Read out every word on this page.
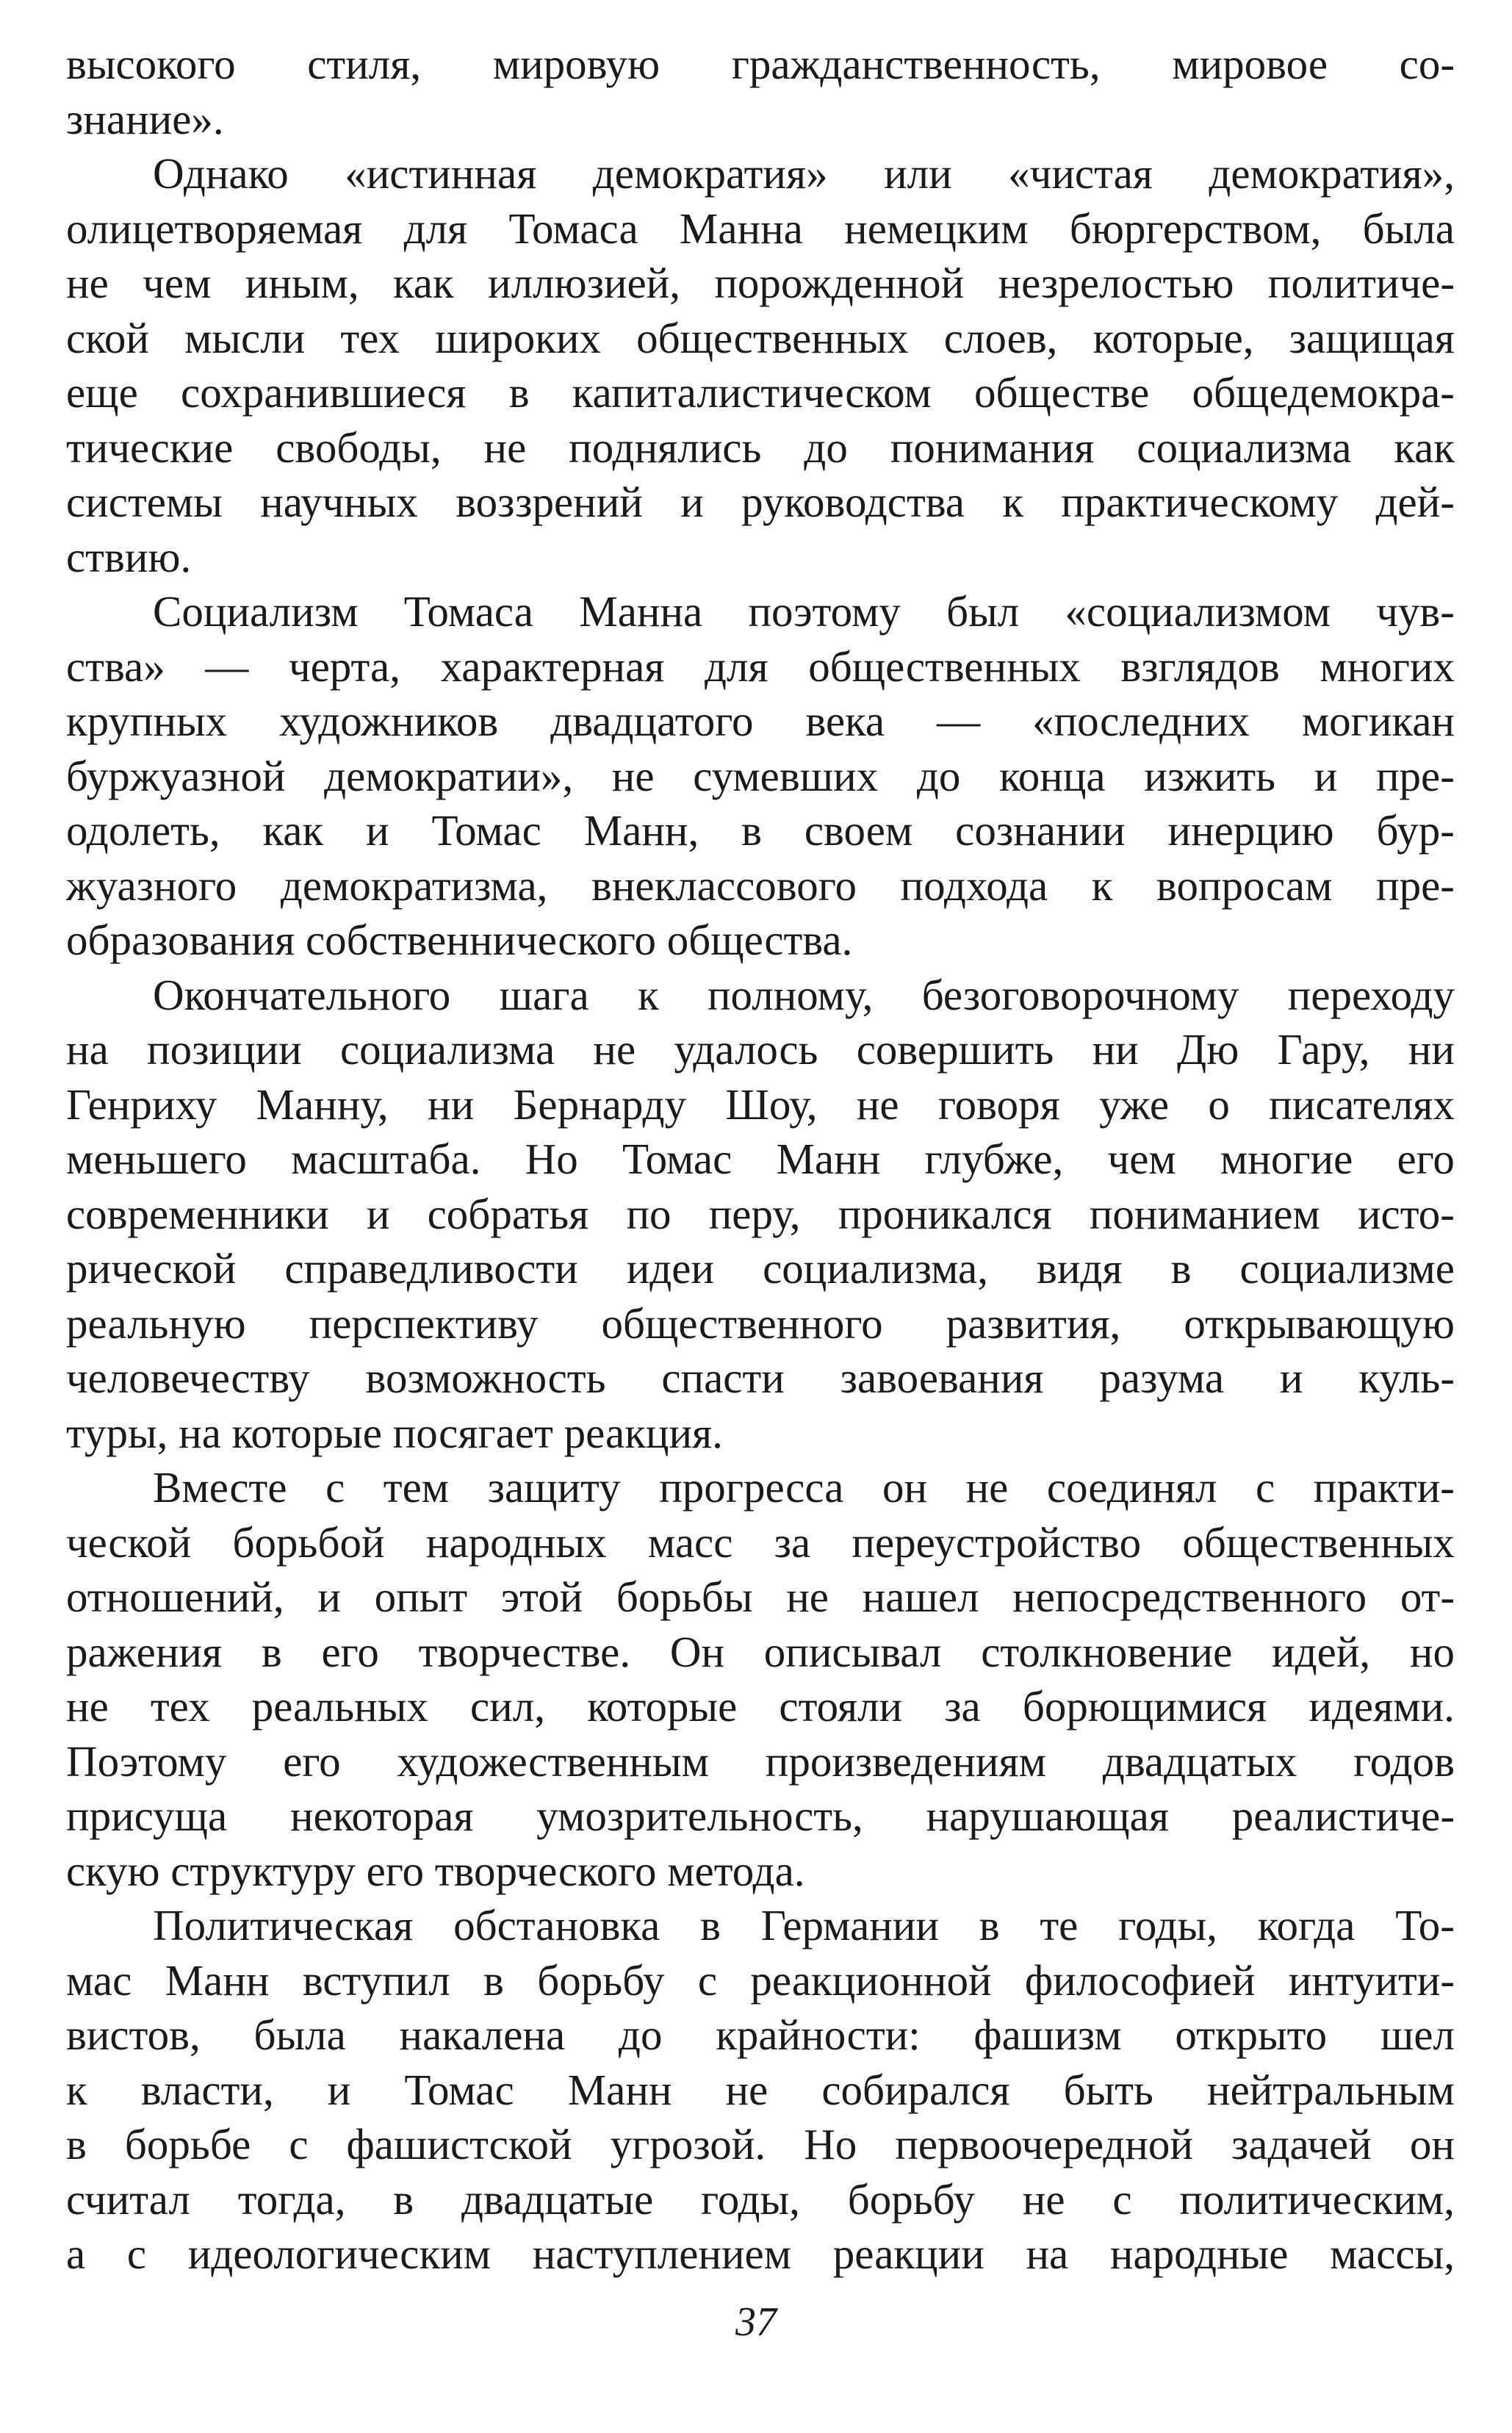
высокого стиля, мировую гражданственность, мировое со-
знание».
Однако «истинная демократия» или «чистая демократия»,
олицетворяемая для Томаса Манна немецким бюргерством, была
не чем иным, как иллюзией, порожденной незрелостью политиче-
ской мысли тех широких общественных слоев, которые, защищая
еще сохранившиеся в капиталистическом обществе общедемокра-
тические свободы, не поднялись до понимания социализма как
системы научных воззрений и руководства к практическому дей-
ствию.
Социализм Томаса Манна поэтому был «социализмом чув-
ства» — черта, характерная для общественных взглядов многих
крупных художников двадцатого века — «последних могикан
буржуазной демократии», не сумевших до конца изжить и пре-
одолеть, как и Томас Манн, в своем сознании инерцию бур-
жуазного демократизма, внеклассового подхода к вопросам пре-
образования собственнического общества.
Окончательного шага к полному, безоговорочному переходу
на позиции социализма не удалось совершить ни Дю Гару, ни
Генриху Манну, ни Бернарду Шоу, не говоря уже о писателях
меньшего масштаба. Но Томас Манн глубже, чем многие его
современники и собратья по перу, проникался пониманием исто-
рической справедливости идеи социализма, видя в социализме
реальную перспективу общественного развития, открывающую
человечеству возможность спасти завоевания разума и куль-
туры, на которые посягает реакция.
Вместе с тем защиту прогресса он не соединял с практи-
ческой борьбой народных масс за переустройство общественных
отношений, и опыт этой борьбы не нашел непосредственного от-
ражения в его творчестве. Он описывал столкновение идей, но
не тех реальных сил, которые стояли за борющимися идеями.
Поэтому его художественным произведениям двадцатых годов
присуща некоторая умозрительность, нарушающая реалистиче-
скую структуру его творческого метода.
Политическая обстановка в Германии в те годы, когда То-
мас Манн вступил в борьбу с реакционной философией интуити-
вистов, была накалена до крайности: фашизм открыто шел
к власти, и Томас Манн не собирался быть нейтральным
в борьбе с фашистской угрозой. Но первоочередной задачей он
считал тогда, в двадцатые годы, борьбу не с политическим,
а с идеологическим наступлением реакции на народные массы,
37
